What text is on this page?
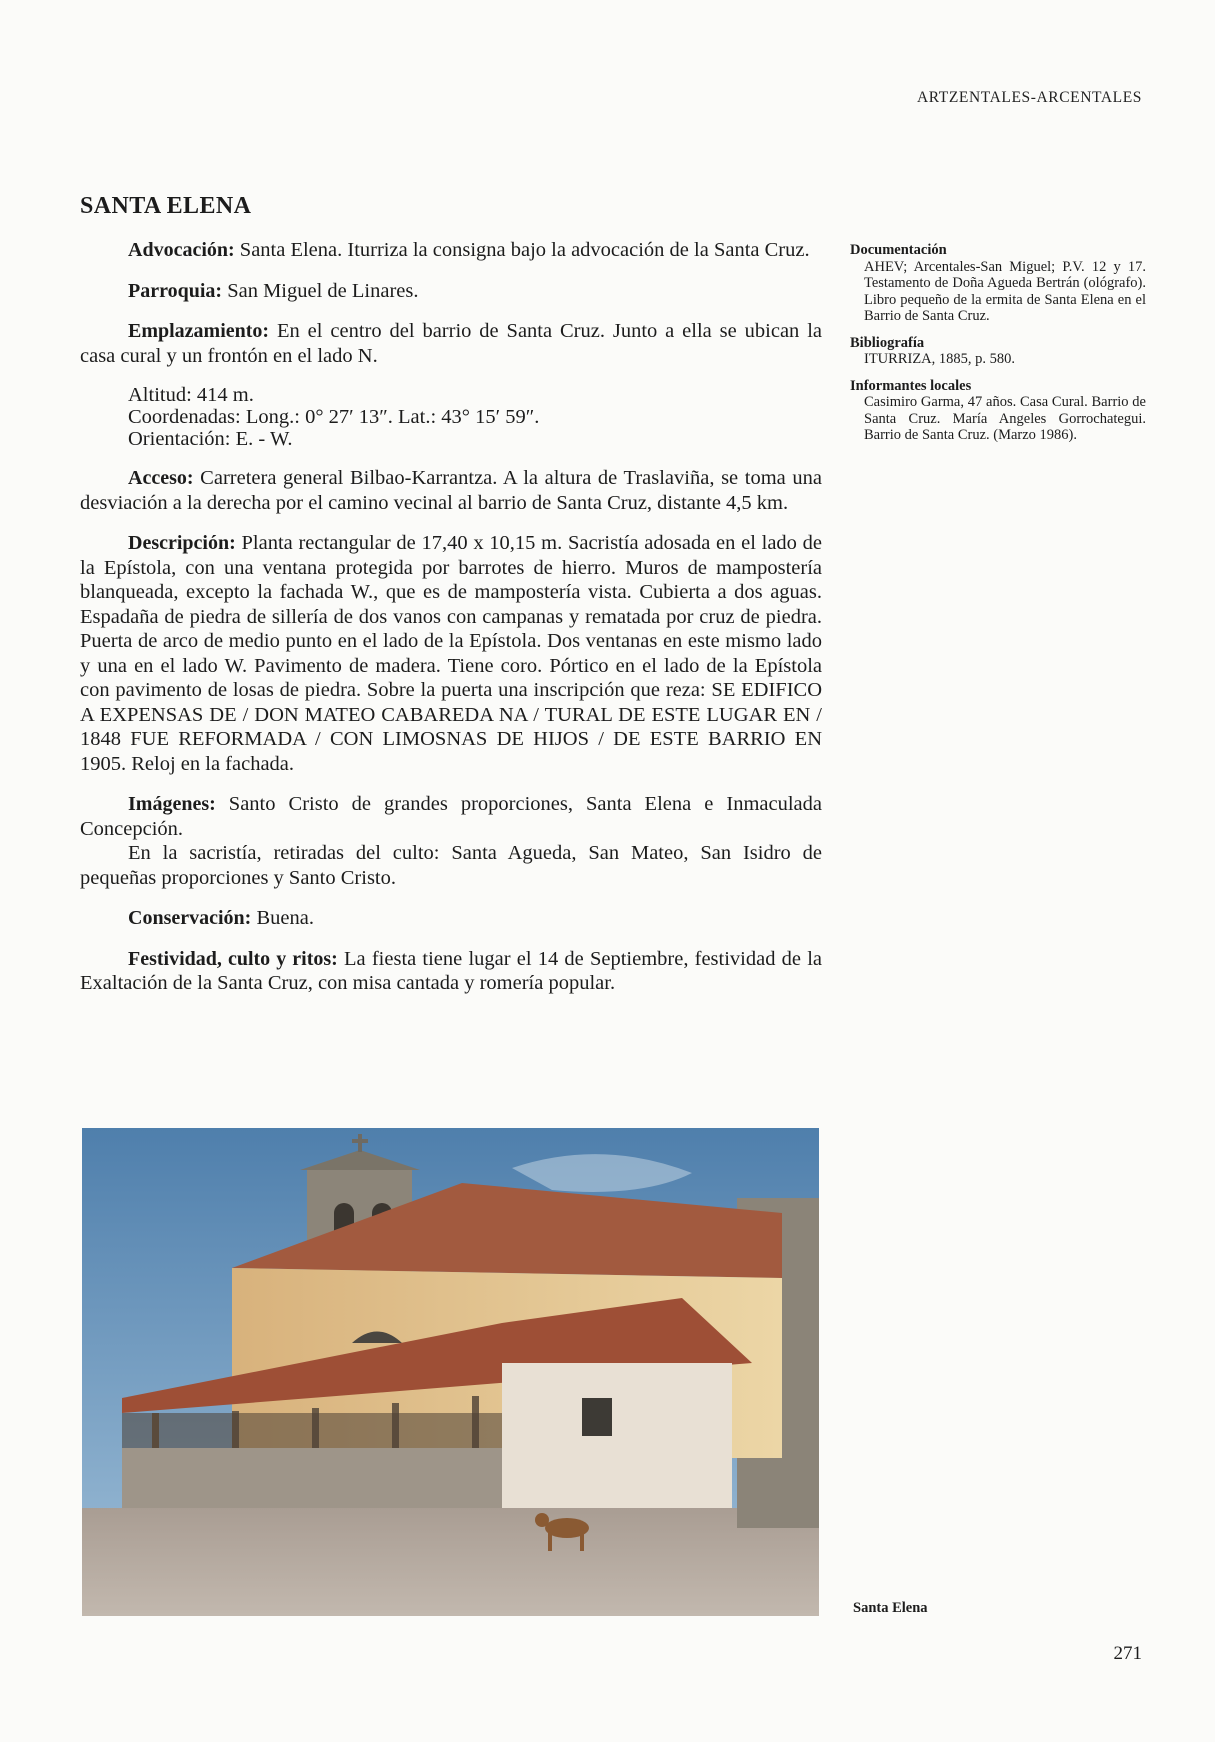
ARTZENTALES-ARCENTALES
SANTA ELENA

Advocación: Santa Elena. Iturriza la consigna bajo la advocación de la Santa Cruz.

Parroquia: San Miguel de Linares.

Emplazamiento: En el centro del barrio de Santa Cruz. Junto a ella se ubican la casa cural y un frontón en el lado N.

Altitud: 414 m.
Coordenadas: Long.: 0° 27′ 13″. Lat.: 43° 15′ 59″.
Orientación: E. - W.

Acceso: Carretera general Bilbao-Karrantza. A la altura de Traslaviña, se toma una desviación a la derecha por el camino vecinal al barrio de Santa Cruz, distante 4,5 km.

Descripción: Planta rectangular de 17,40 x 10,15 m. Sacristía adosada en el lado de la Epístola, con una ventana protegida por barrotes de hierro. Muros de mampostería blanqueada, excepto la fachada W., que es de mampostería vista. Cubierta a dos aguas. Espadaña de piedra de sillería de dos vanos con campanas y rematada por cruz de piedra. Puerta de arco de medio punto en el lado de la Epístola. Dos ventanas en este mismo lado y una en el lado W. Pavimento de madera. Tiene coro. Pórtico en el lado de la Epístola con pavimento de losas de piedra. Sobre la puerta una inscripción que reza: SE EDIFICO A EXPENSAS DE / DON MATEO CABAREDA NA / TURAL DE ESTE LUGAR EN / 1848 FUE REFORMADA / CON LIMOSNAS DE HIJOS / DE ESTE BARRIO EN 1905. Reloj en la fachada.

Imágenes: Santo Cristo de grandes proporciones, Santa Elena e Inmaculada Concepción.

En la sacristía, retiradas del culto: Santa Agueda, San Mateo, San Isidro de pequeñas proporciones y Santo Cristo.

Conservación: Buena.

Festividad, culto y ritos: La fiesta tiene lugar el 14 de Septiembre, festividad de la Exaltación de la Santa Cruz, con misa cantada y romería popular.

Documentación
AHEV; Arcentales-San Miguel; P.V. 12 y 17. Testamento de Doña Agueda Bertrán (ológrafo). Libro pequeño de la ermita de Santa Elena en el Barrio de Santa Cruz.
Bibliografía
ITURRIZA, 1885, p. 580.
Informantes locales
Casimiro Garma, 47 años. Casa Cural. Barrio de Santa Cruz. María Angeles Gorrochategui. Barrio de Santa Cruz. (Marzo 1986).
Santa Elena
271
